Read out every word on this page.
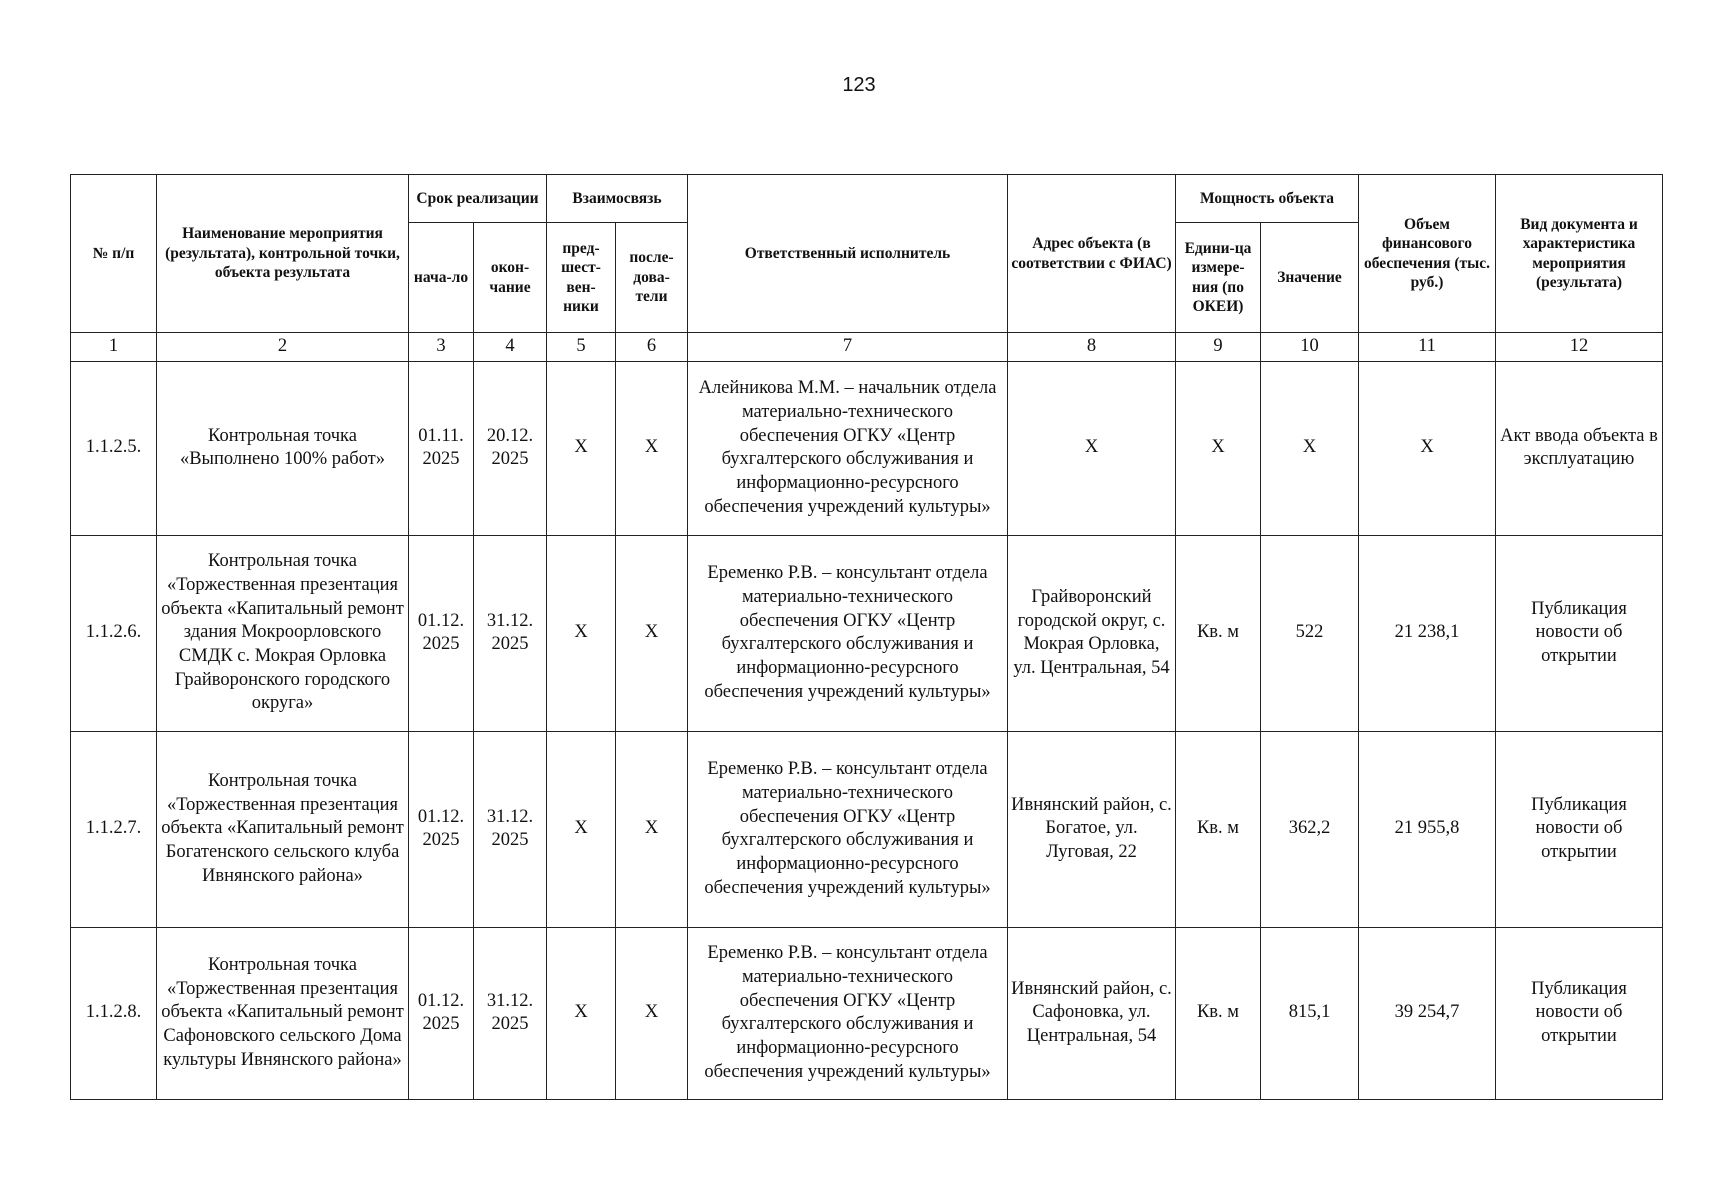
123
№ п/п	Наименование мероприятия (результата), контрольной точки, объекта результата	Срок реализации		Взаимосвязь		Ответственный исполнитель	Адрес объекта (в соответствии с ФИАС)	Мощность объекта		Объем финансового обеспечения (тыс. руб.)	Вид документа и характеристика мероприятия (результата)
		нача-ло	окон-чание	пред-шест-вен-ники	после-дова-тели			Едини-ца измере-ния (по ОКЕИ)	Значение		
1	2	3	4	5	6	7	8	9	10	11	12
1.1.2.5.	Контрольная точка «Выполнено 100% работ»	01.11. 2025	20.12. 2025	Х	Х	Алейникова М.М. – начальник отдела материально-технического обеспечения ОГКУ «Центр бухгалтерского обслуживания и информационно-ресурсного обеспечения учреждений культуры»	Х	Х	Х	Х	Акт ввода объекта в эксплуатацию
1.1.2.6.	Контрольная точка «Торжественная презентация объекта «Капитальный ремонт здания Мокроорловского СМДК с. Мокрая Орловка Грайворонского городского округа»	01.12. 2025	31.12. 2025	Х	Х	Еременко Р.В. – консультант отдела материально-технического обеспечения ОГКУ «Центр бухгалтерского обслуживания и информационно-ресурсного обеспечения учреждений культуры»	Грайворонский городской округ, с. Мокрая Орловка, ул. Центральная, 54	Кв. м	522	21 238,1	Публикация новости об открытии
1.1.2.7.	Контрольная точка «Торжественная презентация объекта «Капитальный ремонт Богатенского сельского клуба Ивнянского района»	01.12. 2025	31.12. 2025	Х	Х	Еременко Р.В. – консультант отдела материально-технического обеспечения ОГКУ «Центр бухгалтерского обслуживания и информационно-ресурсного обеспечения учреждений культуры»	Ивнянский район, с. Богатое, ул. Луговая, 22	Кв. м	362,2	21 955,8	Публикация новости об открытии
1.1.2.8.	Контрольная точка «Торжественная презентация объекта «Капитальный ремонт Сафоновского сельского Дома культуры Ивнянского района»	01.12. 2025	31.12. 2025	Х	Х	Еременко Р.В. – консультант отдела материально-технического обеспечения ОГКУ «Центр бухгалтерского обслуживания и информационно-ресурсного обеспечения учреждений культуры»	Ивнянский район, с. Сафоновка, ул. Центральная, 54	Кв. м	815,1	39 254,7	Публикация новости об открытии
